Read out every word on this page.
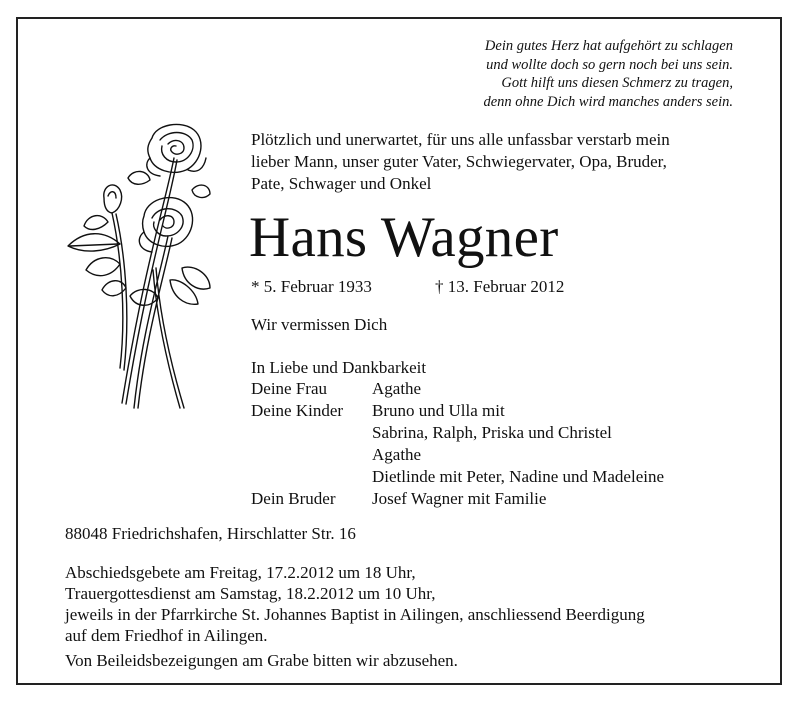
Dein gutes Herz hat aufgehört zu schlagen
und wollte doch so gern noch bei uns sein.
Gott hilft uns diesen Schmerz zu tragen,
denn ohne Dich wird manches anders sein.
Plötzlich und unerwartet, für uns alle unfassbar verstarb mein
lieber Mann, unser guter Vater, Schwiegervater, Opa, Bruder,
Pate, Schwager und Onkel
Hans Wagner
* 5. Februar 1933	† 13. Februar 2012
Wir vermissen Dich
In Liebe und Dankbarkeit
Deine Frau	Agathe
Deine Kinder Bruno und Ulla mit
Sabrina, Ralph, Priska und Christel
Agathe
Dietlinde mit Peter, Nadine und Madeleine
Dein Bruder Josef Wagner mit Familie
88048 Friedrichshafen, Hirschlatter Str. 16
Abschiedsgebete am Freitag, 17.2.2012 um 18 Uhr,
Trauergottesdienst am Samstag, 18.2.2012 um 10 Uhr,
jeweils in der Pfarrkirche St. Johannes Baptist in Ailingen, anschliessend Beerdigung
auf dem Friedhof in Ailingen.
Von Beileidsbezeigungen am Grabe bitten wir abzusehen.
